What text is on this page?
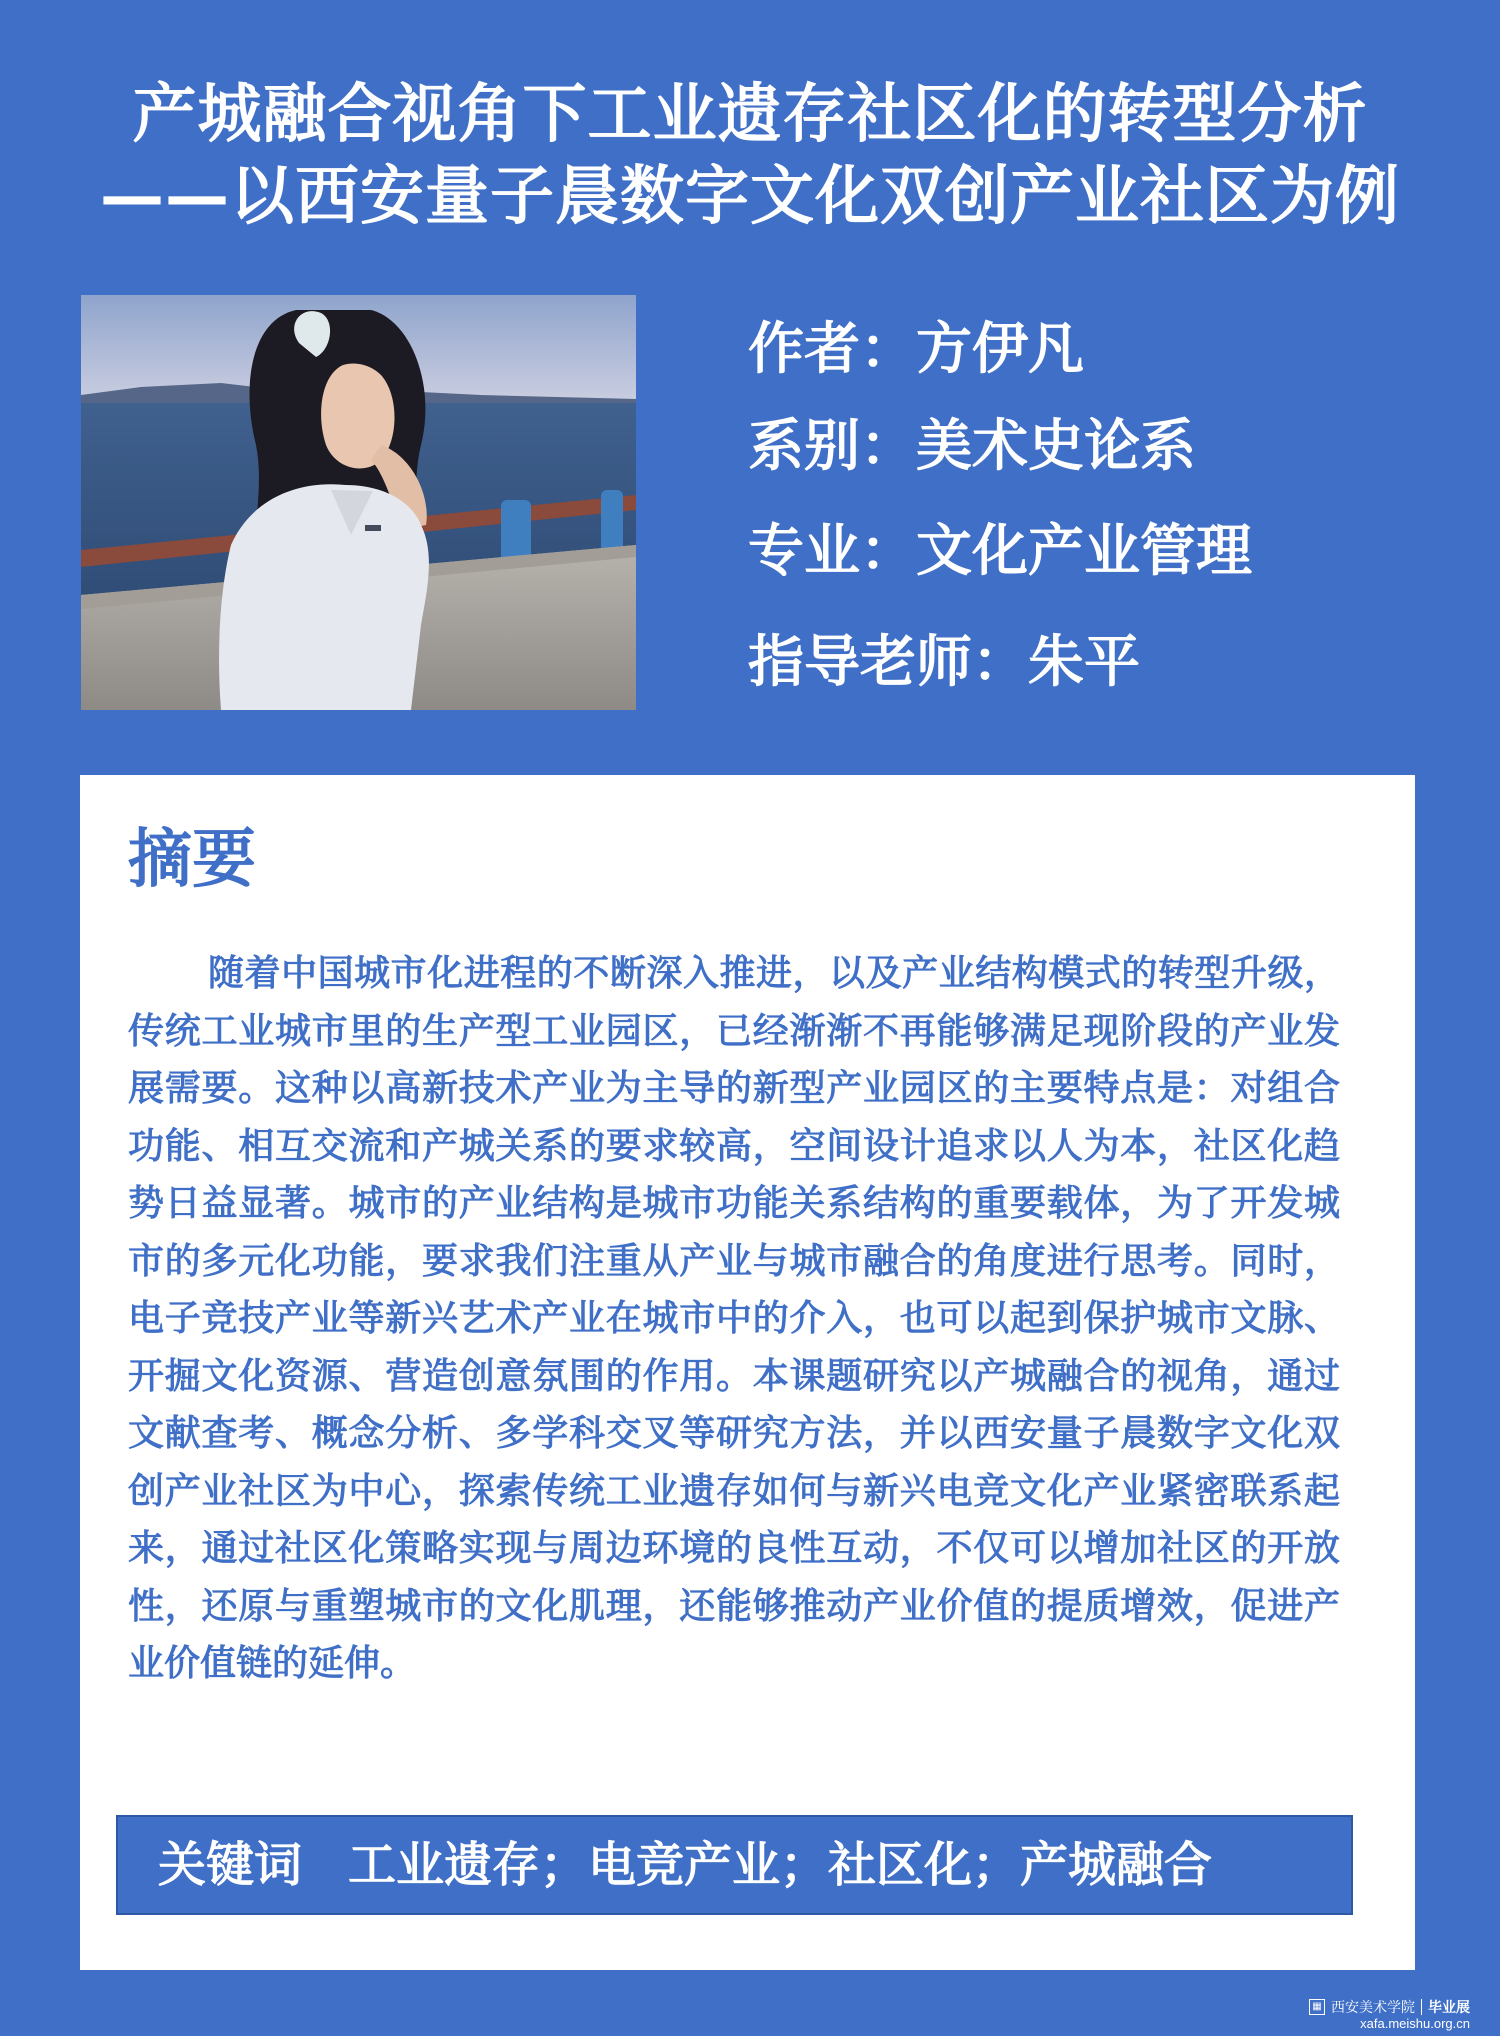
产城融合视角下工业遗存社区化的转型分析
——以西安量子晨数字文化双创产业社区为例
作者：方伊凡
系别：美术史论系
专业：文化产业管理
指导老师：朱平
摘要

随着中国城市化进程的不断深入推进，以及产业结构模式的转型升级，传统工业城市里的生产型工业园区，已经渐渐不再能够满足现阶段的产业发展需要。这种以高新技术产业为主导的新型产业园区的主要特点是：对组合功能、相互交流和产城关系的要求较高，空间设计追求以人为本，社区化趋势日益显著。城市的产业结构是城市功能关系结构的重要载体，为了开发城市的多元化功能，要求我们注重从产业与城市融合的角度进行思考。同时，电子竞技产业等新兴艺术产业在城市中的介入，也可以起到保护城市文脉、开掘文化资源、营造创意氛围的作用。本课题研究以产城融合的视角，通过文献查考、概念分析、多学科交叉等研究方法，并以西安量子晨数字文化双创产业社区为中心，探索传统工业遗存如何与新兴电竞文化产业紧密联系起来，通过社区化策略实现与周边环境的良性互动，不仅可以增加社区的开放性，还原与重塑城市的文化肌理，还能够推动产业价值的提质增效，促进产业价值链的延伸。

关键词 工业遗存；电竞产业；社区化；产城融合
▦ 西安美术学院 毕业展
xafa.meishu.org.cn
